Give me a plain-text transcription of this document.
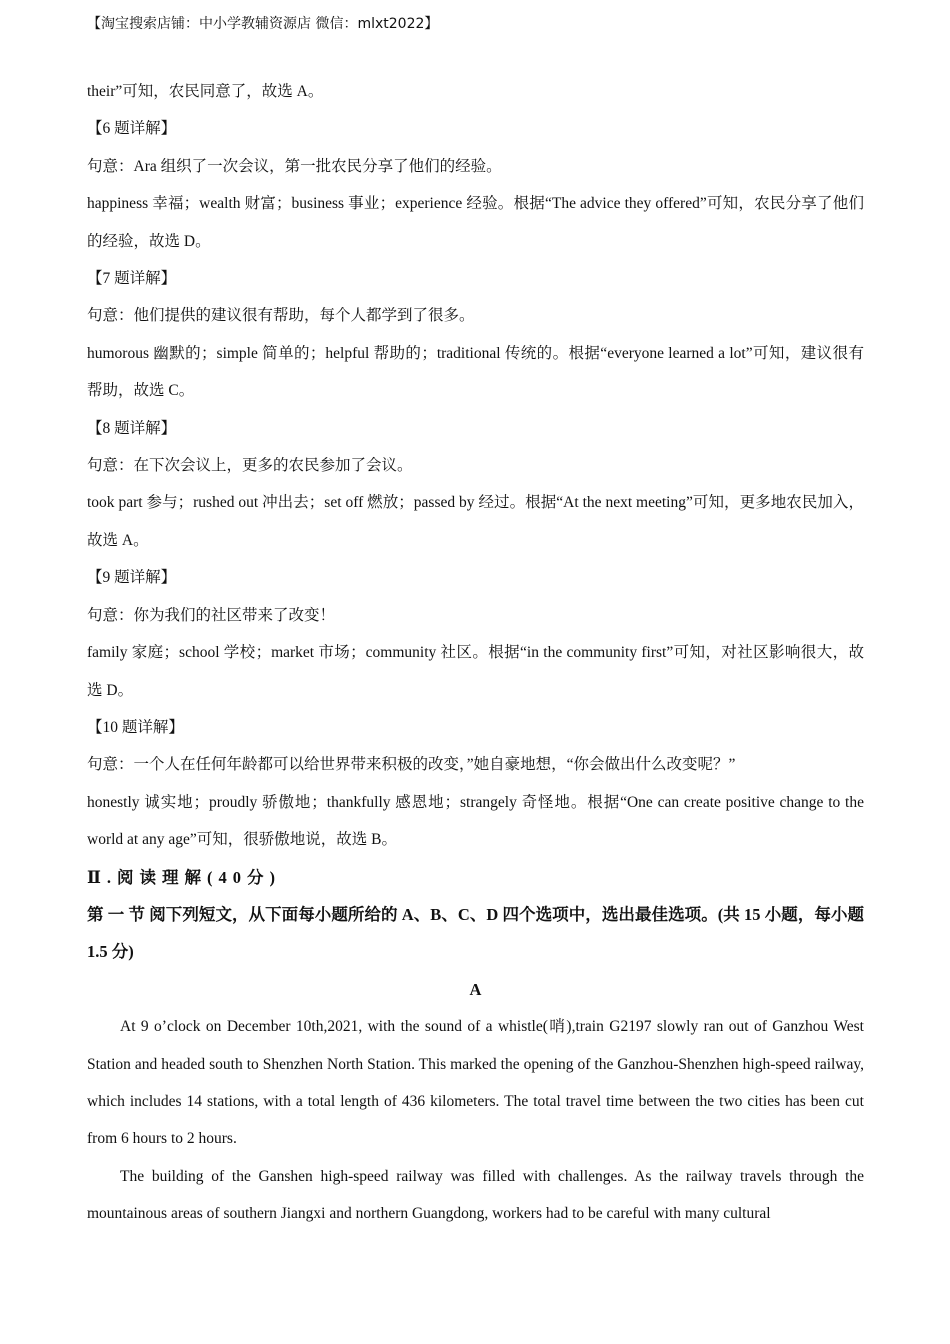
【淘宝搜索店铺：中小学教辅资源店 微信：mlxt2022】

their”可知，农民同意了，故选 A。

【6 题详解】

句意：Ara 组织了一次会议，第一批农民分享了他们的经验。

happiness 幸福；wealth 财富；business 事业；experience 经验。根据“The advice they offered”可知，农民分享了他们的经验，故选 D。

【7 题详解】

句意：他们提供的建议很有帮助，每个人都学到了很多。

humorous 幽默的；simple 简单的；helpful 帮助的；traditional 传统的。根据“everyone learned a lot”可知，建议很有帮助，故选 C。

【8 题详解】

句意：在下次会议上，更多的农民参加了会议。

took part 参与；rushed out 冲出去；set off 燃放；passed by 经过。根据“At the next meeting”可知，更多地农民加入，故选 A。

【9 题详解】

句意：你为我们的社区带来了改变！

family 家庭；school 学校；market 市场；community 社区。根据“in the community first”可知，对社区影响很大，故选 D。

【10 题详解】

句意：一个人在任何年龄都可以给世界带来积极的改变，”她自豪地想，“你会做出什么改变呢？”

honestly 诚实地；proudly 骄傲地；thankfully 感恩地；strangely 奇怪地。根据“One can create positive change to the world at any age”可知，很骄傲地说，故选 B。

Ⅱ.阅读理解(40分)

第 一 节 阅下列短文，从下面每小题所给的 A、B、C、D 四个选项中，选出最佳选项。(共 15 小题，每小题 1.5 分)

A

At 9 o’clock on December 10th,2021, with the sound of a whistle(哨),train G2197 slowly ran out of Ganzhou West Station and headed south to Shenzhen North Station. This marked the opening of the Ganzhou-Shenzhen high-speed railway, which includes 14 stations, with a total length of 436 kilometers. The total travel time between the two cities has been cut from 6 hours to 2 hours.

The building of the Ganshen high-speed railway was filled with challenges. As the railway travels through the mountainous areas of southern Jiangxi and northern Guangdong, workers had to be careful with many cultural
